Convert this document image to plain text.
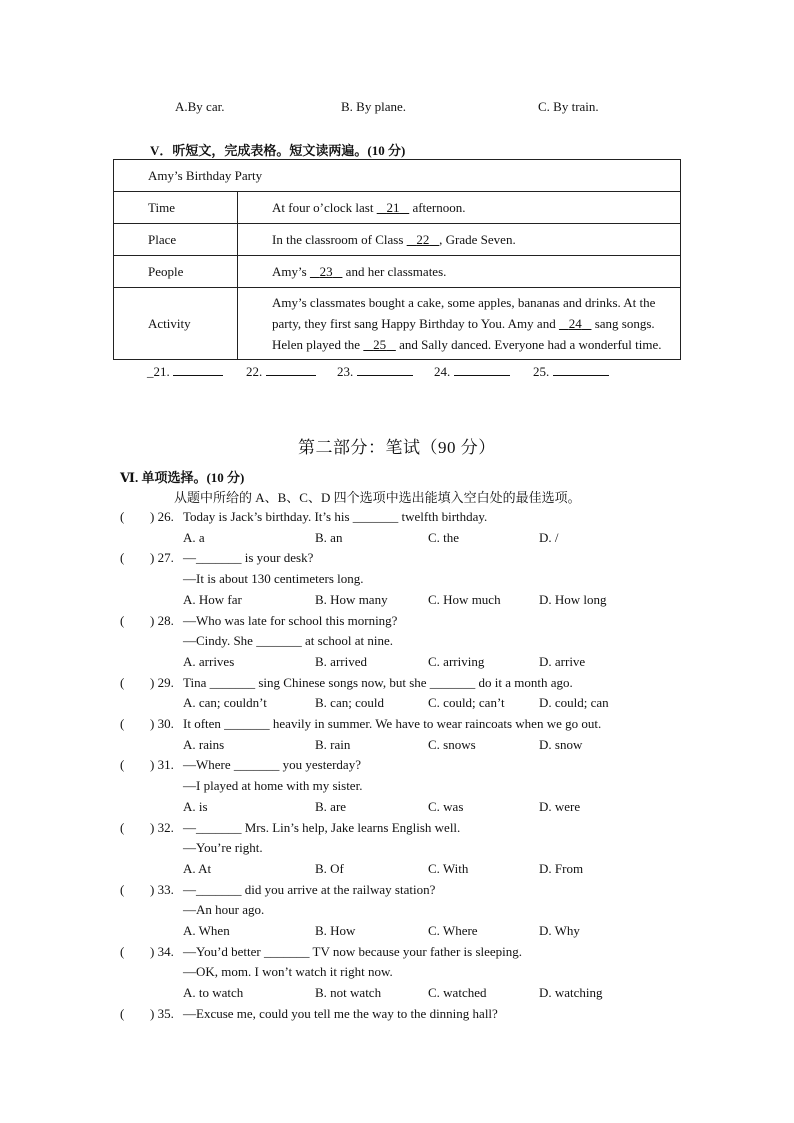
A.By car.	B. By plane.	C. By train.
V．听短文，完成表格。短文读两遍。(10 分)
Amy’s Birthday Party	
Time	At four o’clock last 21 afternoon.
Place	In the classroom of Class 22 , Grade Seven.
People	Amy’s 23 and her classmates.
Activity	Amy’s classmates bought a cake, some apples, bananas and drinks. At the
party, they first sang Happy Birthday to You. Amy and 24 sang songs.
Helen played the 25 and Sally danced. Everyone had a wonderful time.
_21.	22.	23.	24.	25.
第二部分：笔试（90 分）
Ⅵ. 单项选择。(10 分)
从题中所给的 A、B、C、D 四个选项中选出能填入空白处的最佳选项。
( ) 26. Today is Jack’s birthday. It’s his _______ twelfth birthday.
A. a	B. an	C. the	D. /
( ) 27. —_______ is your desk?
—It is about 130 centimeters long.
A. How far	B. How many	C. How much	D. How long
( ) 28. —Who was late for school this morning?
—Cindy. She _______ at school at nine.
A. arrives	B. arrived	C. arriving	D. arrive
( ) 29. Tina _______ sing Chinese songs now, but she _______ do it a month ago.
A. can; couldn’t	B. can; could	C. could; can’t	D. could; can
( ) 30. It often _______ heavily in summer. We have to wear raincoats when we go out.
A. rains	B. rain	C. snows	D. snow
( ) 31. —Where _______ you yesterday?
—I played at home with my sister.
A. is	B. are	C. was	D. were
( ) 32. —_______ Mrs. Lin’s help, Jake learns English well.
—You’re right.
A. At	B. Of	C. With	D. From
( ) 33. —_______ did you arrive at the railway station?
—An hour ago.
A. When	B. How	C. Where	D. Why
( ) 34. —You’d better _______ TV now because your father is sleeping.
—OK, mom. I won’t watch it right now.
A. to watch	B. not watch	C. watched	D. watching
( ) 35. —Excuse me, could you tell me the way to the dinning hall?
